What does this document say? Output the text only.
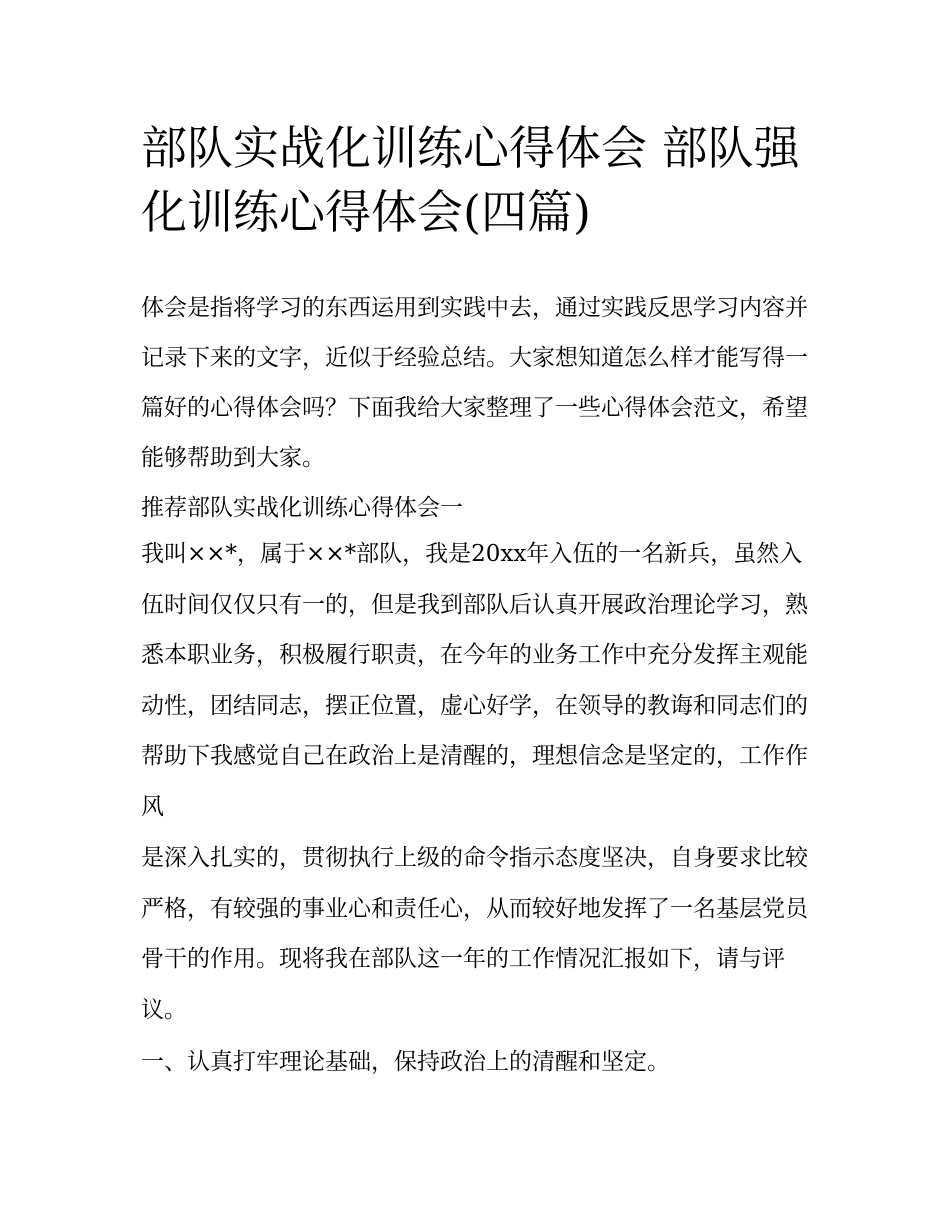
部队实战化训练心得体会 部队强化训练心得体会(四篇)

体会是指将学习的东西运用到实践中去，通过实践反思学习内容并记录下来的文字，近似于经验总结。大家想知道怎么样才能写得一篇好的心得体会吗？下面我给大家整理了一些心得体会范文，希望能够帮助到大家。

推荐部队实战化训练心得体会一

我叫××*，属于××*部队，我是20xx年入伍的一名新兵，虽然入伍时间仅仅只有一的，但是我到部队后认真开展政治理论学习，熟悉本职业务，积极履行职责，在今年的业务工作中充分发挥主观能动性，团结同志，摆正位置，虚心好学，在领导的教诲和同志们的帮助下我感觉自己在政治上是清醒的，理想信念是坚定的，工作作风

是深入扎实的，贯彻执行上级的命令指示态度坚决，自身要求比较严格，有较强的事业心和责任心，从而较好地发挥了一名基层党员骨干的作用。现将我在部队这一年的工作情况汇报如下，请与评议。

一、认真打牢理论基础，保持政治上的清醒和坚定。
